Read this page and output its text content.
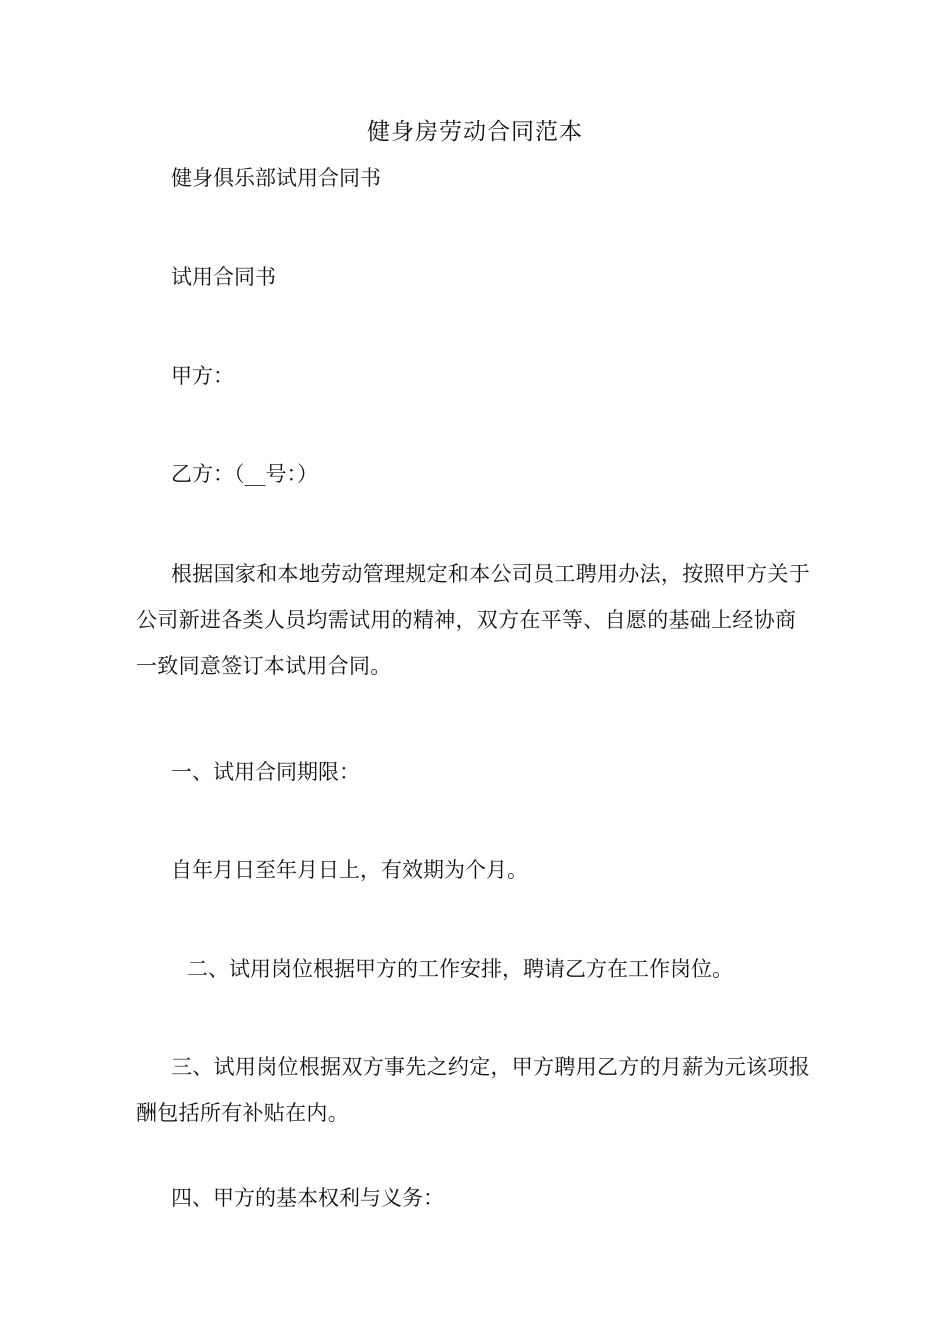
健身房劳动合同范本
健身俱乐部试用合同书
试用合同书
甲方：
乙方：（__号：）
根据国家和本地劳动管理规定和本公司员工聘用办法，按照甲方关于公司新进各类人员均需试用的精神，双方在平等、自愿的基础上经协商一致同意签订本试用合同。
一、试用合同期限：
自年月日至年月日上，有效期为个月。
二、试用岗位根据甲方的工作安排，聘请乙方在工作岗位。
三、试用岗位根据双方事先之约定，甲方聘用乙方的月薪为元该项报酬包括所有补贴在内。
四、甲方的基本权利与义务：
